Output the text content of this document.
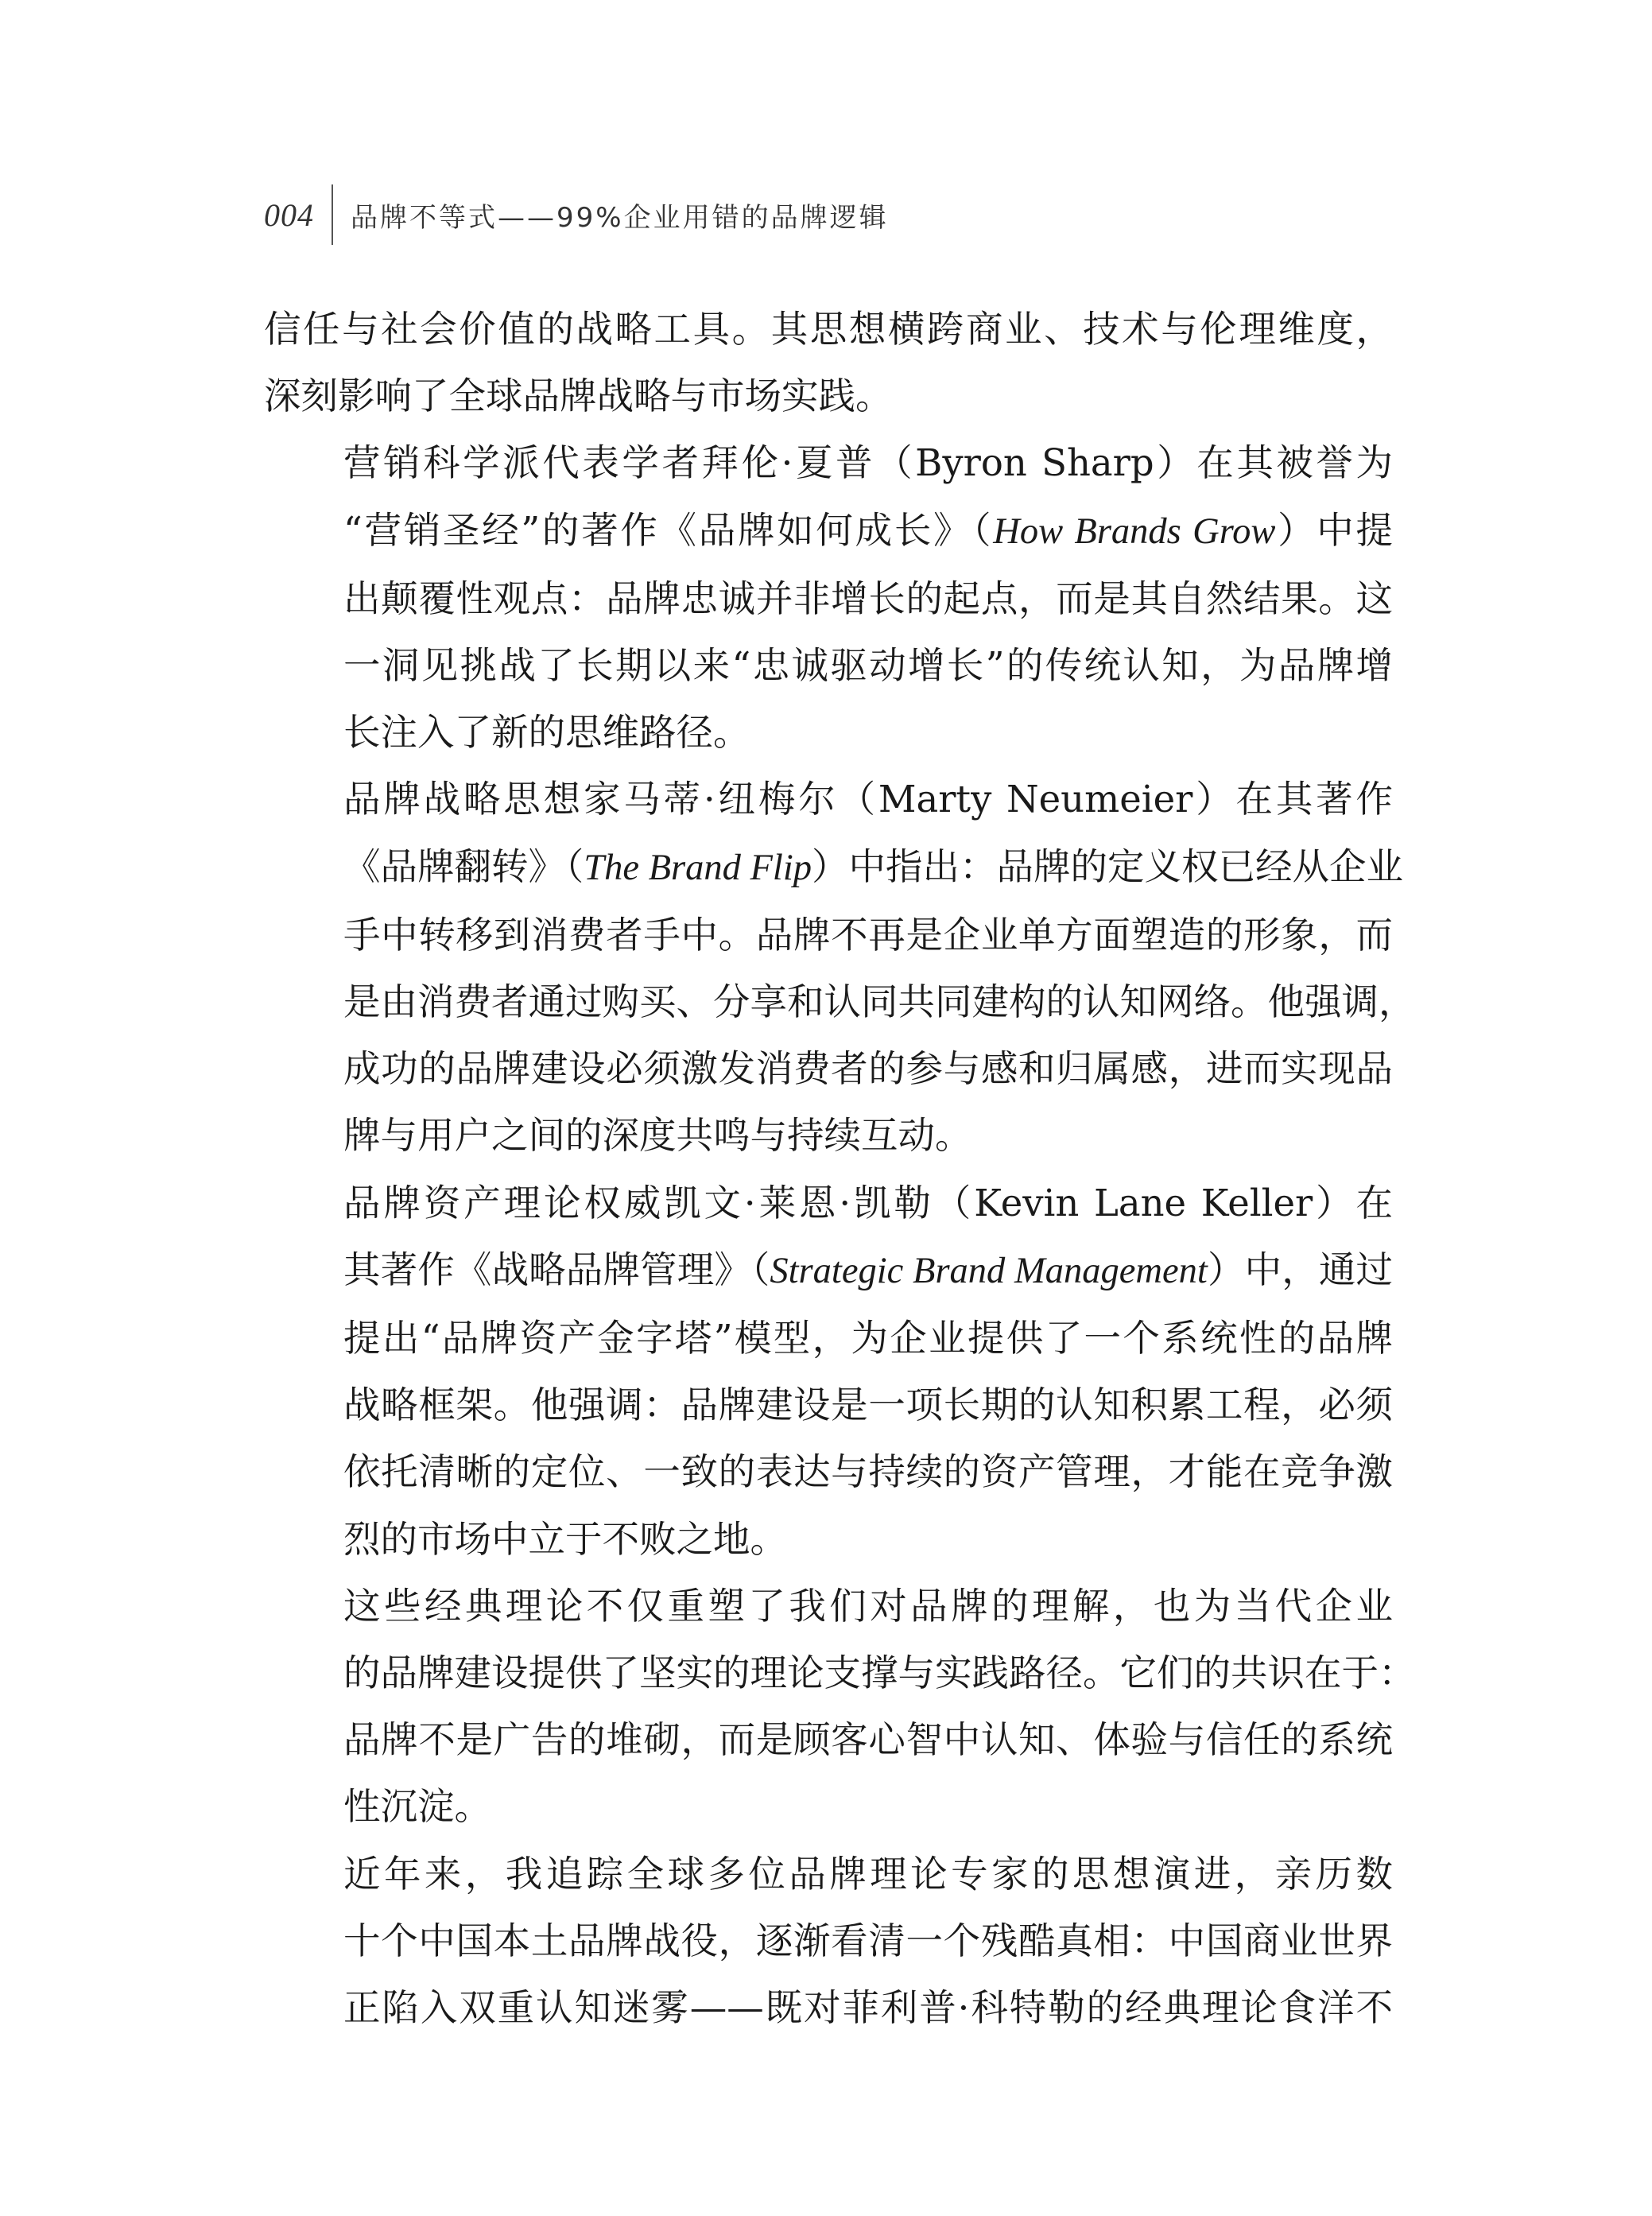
004 品牌不等式——99%企业用错的品牌逻辑

信任与社会价值的战略工具。其思想横跨商业、技术与伦理维度，
深刻影响了全球品牌战略与市场实践。

营销科学派代表学者拜伦·夏普（Byron Sharp）在其被誉为
“营销圣经”的著作《品牌如何成长》（How Brands Grow）中提
出颠覆性观点：品牌忠诚并非增长的起点，而是其自然结果。这
一洞见挑战了长期以来“忠诚驱动增长”的传统认知，为品牌增
长注入了新的思维路径。

品牌战略思想家马蒂·纽梅尔（Marty Neumeier）在其著作
《品牌翻转》（The Brand Flip）中指出：品牌的定义权已经从企业
手中转移到消费者手中。品牌不再是企业单方面塑造的形象，而
是由消费者通过购买、分享和认同共同建构的认知网络。他强调，
成功的品牌建设必须激发消费者的参与感和归属感，进而实现品
牌与用户之间的深度共鸣与持续互动。

品牌资产理论权威凯文·莱恩·凯勒（Kevin Lane Keller）在
其著作《战略品牌管理》（Strategic Brand Management）中，通过
提出“品牌资产金字塔”模型，为企业提供了一个系统性的品牌
战略框架。他强调：品牌建设是一项长期的认知积累工程，必须
依托清晰的定位、一致的表达与持续的资产管理，才能在竞争激
烈的市场中立于不败之地。

这些经典理论不仅重塑了我们对品牌的理解，也为当代企业
的品牌建设提供了坚实的理论支撑与实践路径。它们的共识在于：
品牌不是广告的堆砌，而是顾客心智中认知、体验与信任的系统
性沉淀。

近年来，我追踪全球多位品牌理论专家的思想演进，亲历数
十个中国本土品牌战役，逐渐看清一个残酷真相：中国商业世界
正陷入双重认知迷雾——既对菲利普·科特勒的经典理论食洋不
